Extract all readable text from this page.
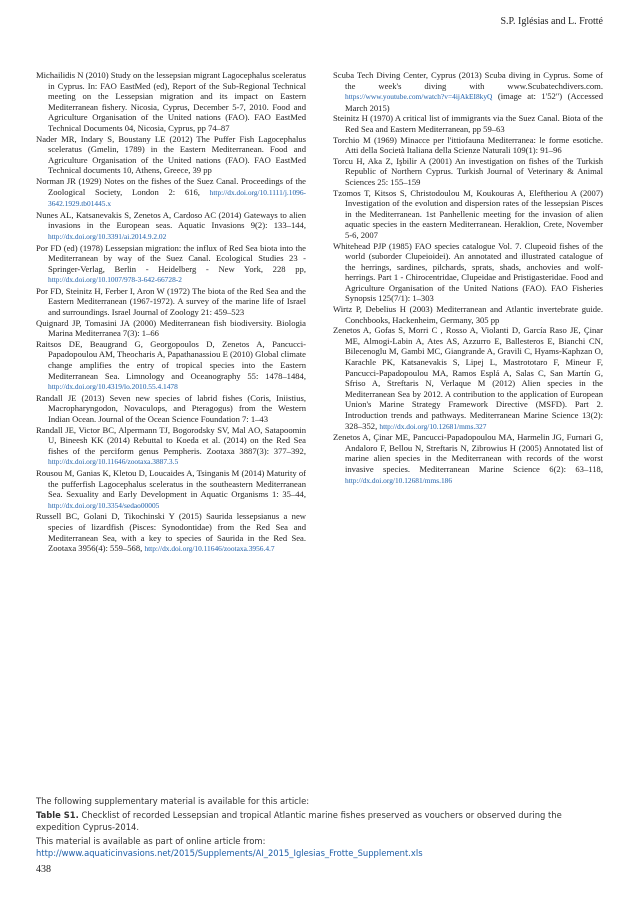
S.P. Iglésias and L. Frotté

Michailidis N (2010) Study on the lessepsian migrant Lagocephalus sceleratus in Cyprus. In: FAO EastMed (ed), Report of the Sub-Regional Technical meeting on the Lessepsian migration and its impact on Eastern Mediterranean fishery. Nicosia, Cyprus, December 5-7, 2010. Food and Agriculture Organisation of the United nations (FAO). FAO EastMed Technical Documents 04, Nicosia, Cyprus, pp 74–87

Nader MR, Indary S, Boustany LE (2012) The Puffer Fish Lagocephalus sceleratus (Gmelin, 1789) in the Eastern Mediterranean. Food and Agriculture Organisation of the United nations (FAO). FAO EastMed Technical documents 10, Athens, Greece, 39 pp

Norman JR (1929) Notes on the fishes of the Suez Canal. Proceedings of the Zoological Society, London 2: 616, http://dx.doi.org/10.1111/j.1096-3642.1929.tb01445.x

Nunes AL, Katsanevakis S, Zenetos A, Cardoso AC (2014) Gateways to alien invasions in the European seas. Aquatic Invasions 9(2): 133–144, http://dx.doi.org/10.3391/ai.2014.9.2.02

Por FD (ed) (1978) Lessepsian migration: the influx of Red Sea biota into the Mediterranean by way of the Suez Canal. Ecological Studies 23 - Springer-Verlag, Berlin - Heidelberg - New York, 228 pp, http://dx.doi.org/10.1007/978-3-642-66728-2

Por FD, Steinitz H, Ferber I, Aron W (1972) The biota of the Red Sea and the Eastern Mediterranean (1967-1972). A survey of the marine life of Israel and surroundings. Israel Journal of Zoology 21: 459–523

Quignard JP, Tomasini JA (2000) Mediterranean fish biodiversity. Biologia Marina Mediterranea 7(3): 1–66

Raitsos DE, Beaugrand G, Georgopoulos D, Zenetos A, Pancucci-Papadopoulou AM, Theocharis A, Papathanassiou E (2010) Global climate change amplifies the entry of tropical species into the Eastern Mediterranean Sea. Limnology and Oceanography 55: 1478–1484, http://dx.doi.org/10.4319/lo.2010.55.4.1478

Randall JE (2013) Seven new species of labrid fishes (Coris, Iniistius, Macropharyngodon, Novaculops, and Pteragogus) from the Western Indian Ocean. Journal of the Ocean Science Foundation 7: 1–43

Randall JE, Victor BC, Alpermann TJ, Bogorodsky SV, Mal AO, Satapoomin U, Bineesh KK (2014) Rebuttal to Koeda et al. (2014) on the Red Sea fishes of the perciform genus Pempheris. Zootaxa 3887(3): 377–392, http://dx.doi.org/10.11646/zootaxa.3887.3.5

Rousou M, Ganias K, Kletou D, Loucaides A, Tsinganis M (2014) Maturity of the pufferfish Lagocephalus sceleratus in the southeastern Mediterranean Sea. Sexuality and Early Development in Aquatic Organisms 1: 35–44, http://dx.doi.org/10.3354/sedao00005

Russell BC, Golani D, Tikochinski Y (2015) Saurida lessepsianus a new species of lizardfish (Pisces: Synodontidae) from the Red Sea and Mediterranean Sea, with a key to species of Saurida in the Red Sea. Zootaxa 3956(4): 559–568, http://dx.doi.org/10.11646/zootaxa.3956.4.7

Scuba Tech Diving Center, Cyprus (2013) Scuba diving in Cyprus. Some of the week's diving with www.Scubatechdivers.com. https://www.youtube.com/watch?v=4ijAkEI8kyQ (image at: 1'52") (Accessed March 2015)

Steinitz H (1970) A critical list of immigrants via the Suez Canal. Biota of the Red Sea and Eastern Mediterranean, pp 59–63

Torchio M (1969) Minacce per l'ittiofauna Mediterranea: le forme esotiche. Atti della Società Italiana della Scienze Naturali 109(1): 91–96

Torcu H, Aka Z, Işbilir A (2001) An investigation on fishes of the Turkish Republic of Northern Cyprus. Turkish Journal of Veterinary & Animal Sciences 25: 155–159

Tzomos T, Kitsos S, Christodoulou M, Koukouras A, Eleftheriou A (2007) Investigation of the evolution and dispersion rates of the lessepsian Pisces in the Mediterranean. 1st Panhellenic meeting for the invasion of alien aquatic species in the eastern Mediterranean. Heraklion, Crete, November 5-6, 2007

Whitehead PJP (1985) FAO species catalogue Vol. 7. Clupeoid fishes of the world (suborder Clupeioidei). An annotated and illustrated catalogue of the herrings, sardines, pilchards, sprats, shads, anchovies and wolf-herrings. Part 1 - Chirocentridae, Clupeidae and Pristigasteridae. Food and Agriculture Organisation of the United Nations (FAO). FAO Fisheries Synopsis 125(7/1): 1–303

Wirtz P, Debelius H (2003) Mediterranean and Atlantic invertebrate guide. Conchbooks, Hackenheim, Germany, 305 pp

Zenetos A, Gofas S, Morri C , Rosso A, Violanti D, García Raso JE, Çinar ME, Almogi-Labin A, Ates AS, Azzurro E, Ballesteros E, Bianchi CN, Bilecenoglu M, Gambi MC, Giangrande A, Gravili C, Hyams-Kaphzan O, Karachle PK, Katsanevakis S, Lipej L, Mastrototaro F, Mineur F, Pancucci-Papadopoulou MA, Ramos Esplá A, Salas C, San Martín G, Sfriso A, Streftaris N, Verlaque M (2012) Alien species in the Mediterranean Sea by 2012. A contribution to the application of European Union's Marine Strategy Framework Directive (MSFD). Part 2. Introduction trends and pathways. Mediterranean Marine Science 13(2): 328–352, http://dx.doi.org/10.12681/mms.327

Zenetos A, Çinar ME, Pancucci-Papadopoulou MA, Harmelin JG, Furnari G, Andaloro F, Bellou N, Streftaris N, Zibrowius H (2005) Annotated list of marine alien species in the Mediterranean with records of the worst invasive species. Mediterranean Marine Science 6(2): 63–118, http://dx.doi.org/10.12681/mms.186

The following supplementary material is available for this article:

Table S1. Checklist of recorded Lessepsian and tropical Atlantic marine fishes preserved as vouchers or observed during the expedition Cyprus-2014.

This material is available as part of online article from:

http://www.aquaticinvasions.net/2015/Supplements/AI_2015_Iglesias_Frotte_Supplement.xls

438
